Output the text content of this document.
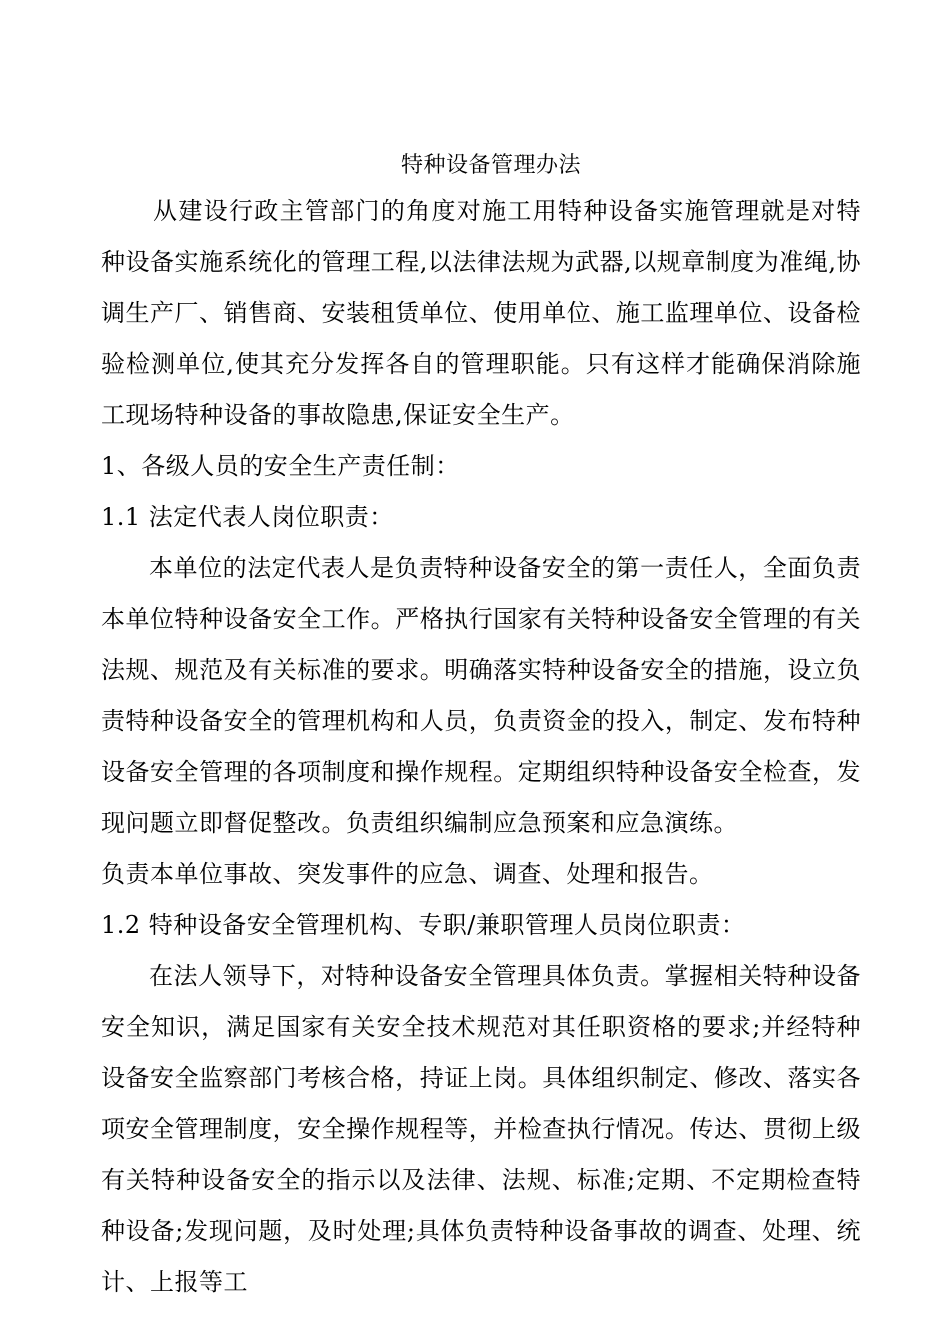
特种设备管理办法

从建设行政主管部门的角度对施工用特种设备实施管理就是对特种设备实施系统化的管理工程,以法律法规为武器,以规章制度为准绳,协调生产厂、销售商、安装租赁单位、使用单位、施工监理单位、设备检验检测单位,使其充分发挥各自的管理职能。只有这样才能确保消除施工现场特种设备的事故隐患,保证安全生产。

1、各级人员的安全生产责任制：

1.1 法定代表人岗位职责：

本单位的法定代表人是负责特种设备安全的第一责任人，全面负责本单位特种设备安全工作。严格执行国家有关特种设备安全管理的有关法规、规范及有关标准的要求。明确落实特种设备安全的措施，设立负责特种设备安全的管理机构和人员，负责资金的投入，制定、发布特种设备安全管理的各项制度和操作规程。定期组织特种设备安全检查，发现问题立即督促整改。负责组织编制应急预案和应急演练。

负责本单位事故、突发事件的应急、调查、处理和报告。

1.2 特种设备安全管理机构、专职/兼职管理人员岗位职责：

在法人领导下，对特种设备安全管理具体负责。掌握相关特种设备安全知识，满足国家有关安全技术规范对其任职资格的要求;并经特种设备安全监察部门考核合格，持证上岗。具体组织制定、修改、落实各项安全管理制度，安全操作规程等，并检查执行情况。传达、贯彻上级有关特种设备安全的指示以及法律、法规、标准;定期、不定期检查特种设备;发现问题，及时处理;具体负责特种设备事故的调查、处理、统计、上报等工
